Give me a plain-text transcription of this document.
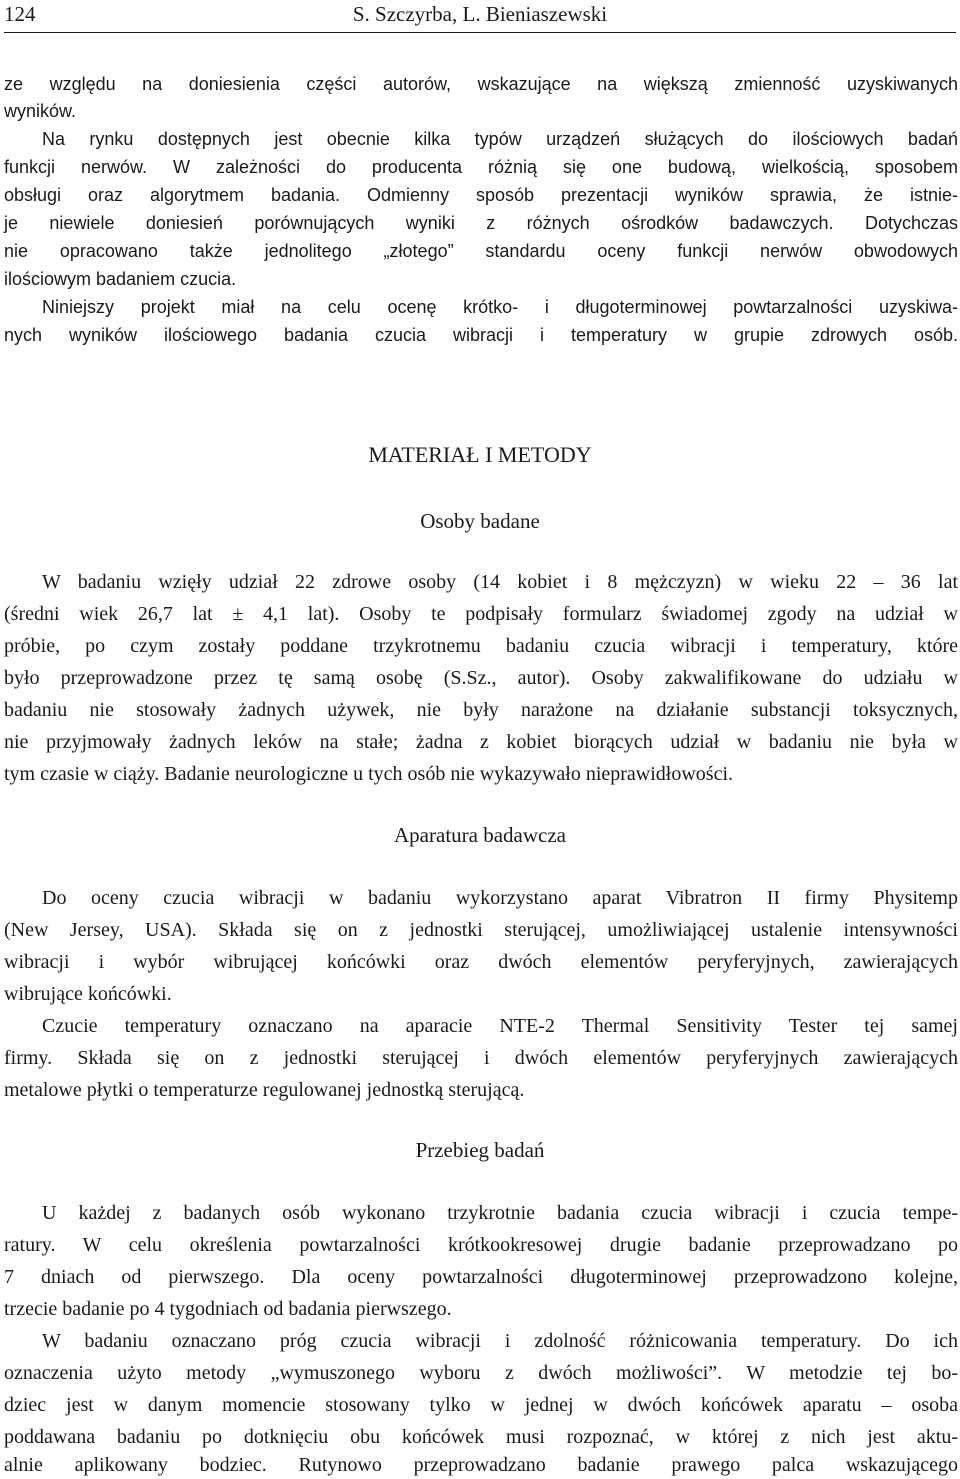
124	S. Szczyrba, L. Bieniaszewski
ze względu na doniesienia części autorów, wskazujące na większą zmienność uzyskiwanych
wyników.
Na rynku dostępnych jest obecnie kilka typów urządzeń służących do ilościowych badań
funkcji nerwów. W zależności do producenta różnią się one budową, wielkością, sposobem
obsługi oraz algorytmem badania. Odmienny sposób prezentacji wyników sprawia, że istnie-
je niewiele doniesień porównujących wyniki z różnych ośrodków badawczych. Dotychczas
nie opracowano także jednolitego „złotego” standardu oceny funkcji nerwów obwodowych
ilościowym badaniem czucia.
Niniejszy projekt miał na celu ocenę krótko- i długoterminowej powtarzalności uzyskiwa-
nych wyników ilościowego badania czucia wibracji i temperatury w grupie zdrowych osób.
MATERIAŁ I METODY
Osoby badane
W badaniu wzięły udział 22 zdrowe osoby (14 kobiet i 8 mężczyzn) w wieku 22 – 36 lat
(średni wiek 26,7 lat ± 4,1 lat). Osoby te podpisały formularz świadomej zgody na udział w
próbie, po czym zostały poddane trzykrotnemu badaniu czucia wibracji i temperatury, które
było przeprowadzone przez tę samą osobę (S.Sz., autor). Osoby zakwalifikowane do udziału w
badaniu nie stosowały żadnych używek, nie były narażone na działanie substancji toksycznych,
nie przyjmowały żadnych leków na stałe; żadna z kobiet biorących udział w badaniu nie była w
tym czasie w ciąży. Badanie neurologiczne u tych osób nie wykazywało nieprawidłowości.
Aparatura badawcza
Do oceny czucia wibracji w badaniu wykorzystano aparat Vibratron II firmy Physitemp
(New Jersey, USA). Składa się on z jednostki sterującej, umożliwiającej ustalenie intensywności
wibracji i wybór wibrującej końcówki oraz dwóch elementów peryferyjnych, zawierających
wibrujące końcówki.
Czucie temperatury oznaczano na aparacie NTE-2 Thermal Sensitivity Tester tej samej
firmy. Składa się on z jednostki sterującej i dwóch elementów peryferyjnych zawierających
metalowe płytki o temperaturze regulowanej jednostką sterującą.
Przebieg badań
U każdej z badanych osób wykonano trzykrotnie badania czucia wibracji i czucia tempe-
ratury. W celu określenia powtarzalności krótkookresowej drugie badanie przeprowadzano po
7 dniach od pierwszego. Dla oceny powtarzalności długoterminowej przeprowadzono kolejne,
trzecie badanie po 4 tygodniach od badania pierwszego.
W badaniu oznaczano próg czucia wibracji i zdolność różnicowania temperatury. Do ich
oznaczenia użyto metody „wymuszonego wyboru z dwóch możliwości”. W metodzie tej bo-
dziec jest w danym momencie stosowany tylko w jednej w dwóch końcówek aparatu – osoba
poddawana badaniu po dotknięciu obu końcówek musi rozpoznać, w której z nich jest aktu-
alnie aplikowany bodziec. Rutynowo przeprowadzano badanie prawego palca wskazującego
